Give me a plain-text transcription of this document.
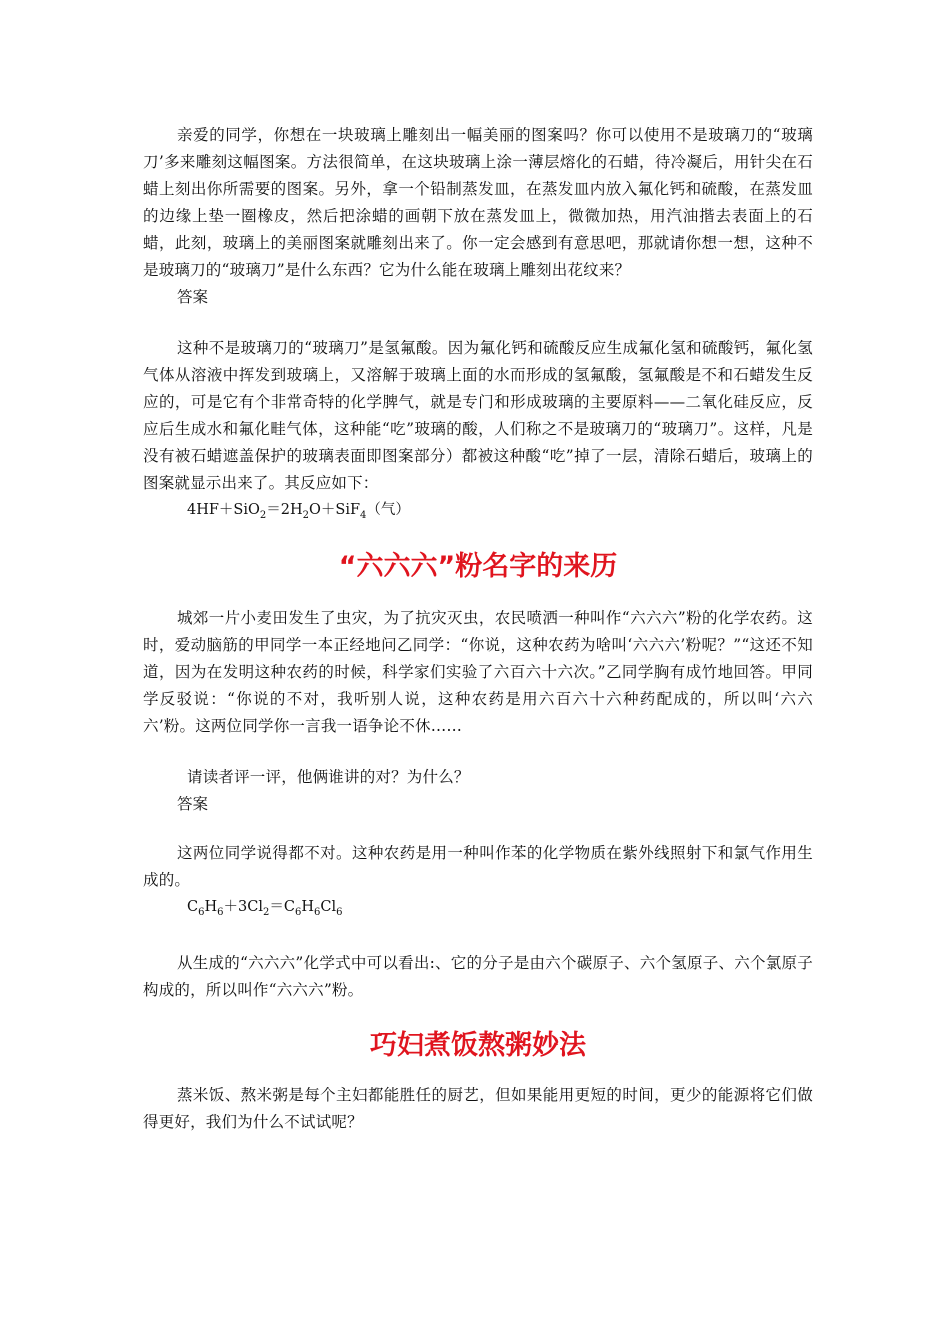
亲爱的同学，你想在一块玻璃上雕刻出一幅美丽的图案吗？你可以使用不是玻璃刀的“玻璃刀’多来雕刻这幅图案。方法很简单，在这块玻璃上涂一薄层熔化的石蜡，待冷凝后，用针尖在石蜡上刻出你所需要的图案。另外，拿一个铅制蒸发皿，在蒸发皿内放入氟化钙和硫酸，在蒸发皿的边缘上垫一圈橡皮，然后把涂蜡的画朝下放在蒸发皿上，微微加热，用汽油揩去表面上的石蜡，此刻，玻璃上的美丽图案就雕刻出来了。你一定会感到有意思吧，那就请你想一想，这种不是玻璃刀的“玻璃刀”是什么东西？它为什么能在玻璃上雕刻出花纹来？

答案

这种不是玻璃刀的“玻璃刀”是氢氟酸。因为氟化钙和硫酸反应生成氟化氢和硫酸钙，氟化氢气体从溶液中挥发到玻璃上，又溶解于玻璃上面的水而形成的氢氟酸，氢氟酸是不和石蜡发生反应的，可是它有个非常奇特的化学脾气，就是专门和形成玻璃的主要原料——二氧化硅反应，反应后生成水和氟化畦气体，这种能“吃”玻璃的酸，人们称之不是玻璃刀的“玻璃刀”。这样，凡是没有被石蜡遮盖保护的玻璃表面即图案部分）都被这种酸“吃”掉了一层，清除石蜡后，玻璃上的图案就显示出来了。其反应如下：

$4HF+SiO_2=2H_2O+SiF_4$（气）
“六六六”粉名字的来历

城郊一片小麦田发生了虫灾，为了抗灾灭虫，农民喷洒一种叫作“六六六”粉的化学农药。这时，爱动脑筋的甲同学一本正经地问乙同学：“你说，这种农药为啥叫‘六六六’粉呢？”“这还不知道，因为在发明这种农药的时候，科学家们实验了六百六十六次。”乙同学胸有成竹地回答。甲同学反驳说：“你说的不对，我听别人说，这种农药是用六百六十六种药配成的，所以叫‘六六六’粉。这两位同学你一言我一语争论不休……

请读者评一评，他俩谁讲的对？为什么？

答案

这两位同学说得都不对。这种农药是用一种叫作苯的化学物质在紫外线照射下和氯气作用生成的。

$C_6H_6+3Cl_2=C_6H_6Cl_6$

从生成的“六六六”化学式中可以看出:、它的分子是由六个碳原子、六个氢原子、六个氯原子构成的，所以叫作“六六六”粉。

巧妇煮饭熬粥妙法

蒸米饭、熬米粥是每个主妇都能胜任的厨艺，但如果能用更短的时间，更少的能源将它们做得更好，我们为什么不试试呢？
